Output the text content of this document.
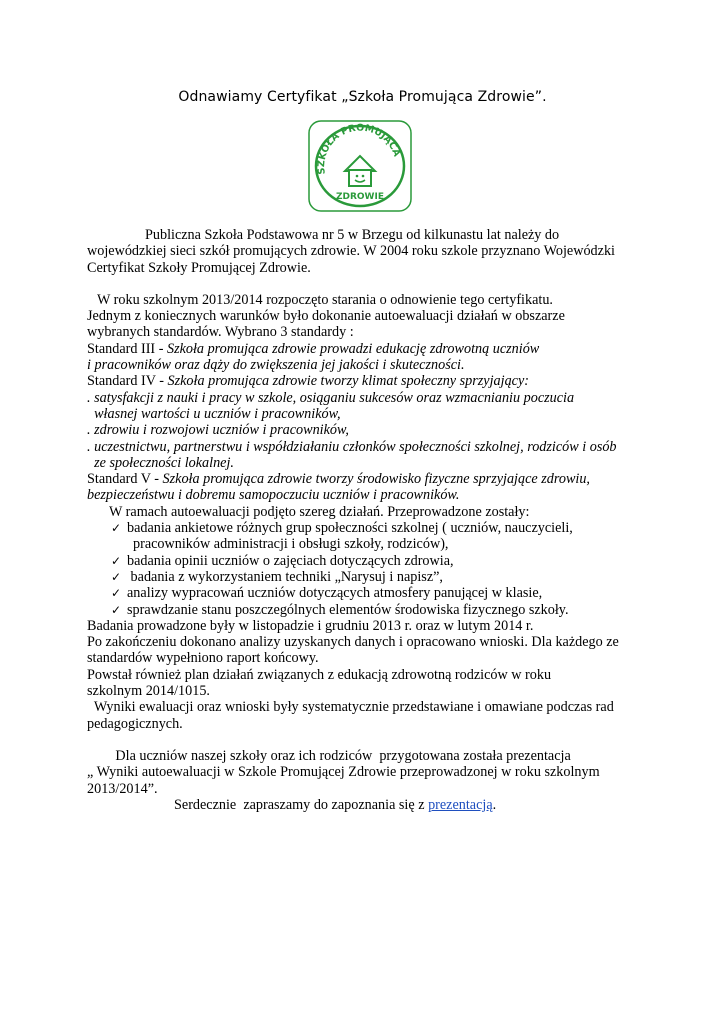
Odnawiamy Certyfikat „Szkoła Promująca Zdrowie”.
SZKOŁA PROMUJĄCA
ZDROWIE
Publiczna Szkoła Podstawowa nr 5 w Brzegu od kilkunastu lat należy do
wojewódzkiej sieci szkół promujących zdrowie. W 2004 roku szkole przyznano Wojewódzki
Certyfikat Szkoły Promującej Zdrowie.
W roku szkolnym 2013/2014 rozpoczęto starania o odnowienie tego certyfikatu.
Jednym z koniecznych warunków było dokonanie autoewaluacji działań w obszarze
wybranych standardów. Wybrano 3 standardy :
Standard III - Szkoła promująca zdrowie prowadzi edukację zdrowotną uczniów
i pracowników oraz dąży do zwiększenia jej jakości i skuteczności.
Standard IV - Szkoła promująca zdrowie tworzy klimat społeczny sprzyjający:
. satysfakcji z nauki i pracy w szkole, osiąganiu sukcesów oraz wzmacnianiu poczucia
własnej wartości u uczniów i pracowników,
. zdrowiu i rozwojowi uczniów i pracowników,
. uczestnictwu, partnerstwu i współdziałaniu członków społeczności szkolnej, rodziców i osób
ze społeczności lokalnej.
Standard V - Szkoła promująca zdrowie tworzy środowisko fizyczne sprzyjające zdrowiu,
bezpieczeństwu i dobremu samopoczuciu uczniów i pracowników.
W ramach autoewaluacji podjęto szereg działań. Przeprowadzone zostały:
✓ badania ankietowe różnych grup społeczności szkolnej ( uczniów, nauczycieli,
pracowników administracji i obsługi szkoły, rodziców),
✓ badania opinii uczniów o zajęciach dotyczących zdrowia,
✓ badania z wykorzystaniem techniki „Narysuj i napisz”,
✓ analizy wypracowań uczniów dotyczących atmosfery panującej w klasie,
✓ sprawdzanie stanu poszczególnych elementów środowiska fizycznego szkoły.
Badania prowadzone były w listopadzie i grudniu 2013 r. oraz w lutym 2014 r.
Po zakończeniu dokonano analizy uzyskanych danych i opracowano wnioski. Dla każdego ze
standardów wypełniono raport końcowy.
Powstał również plan działań związanych z edukacją zdrowotną rodziców w roku
szkolnym 2014/1015.
Wyniki ewaluacji oraz wnioski były systematycznie przedstawiane i omawiane podczas rad
pedagogicznych.
Dla uczniów naszej szkoły oraz ich rodziców  przygotowana została prezentacja
„ Wyniki autoewaluacji w Szkole Promującej Zdrowie przeprowadzonej w roku szkolnym
2013/2014”.
Serdecznie  zapraszamy do zapoznania się z prezentacją.
